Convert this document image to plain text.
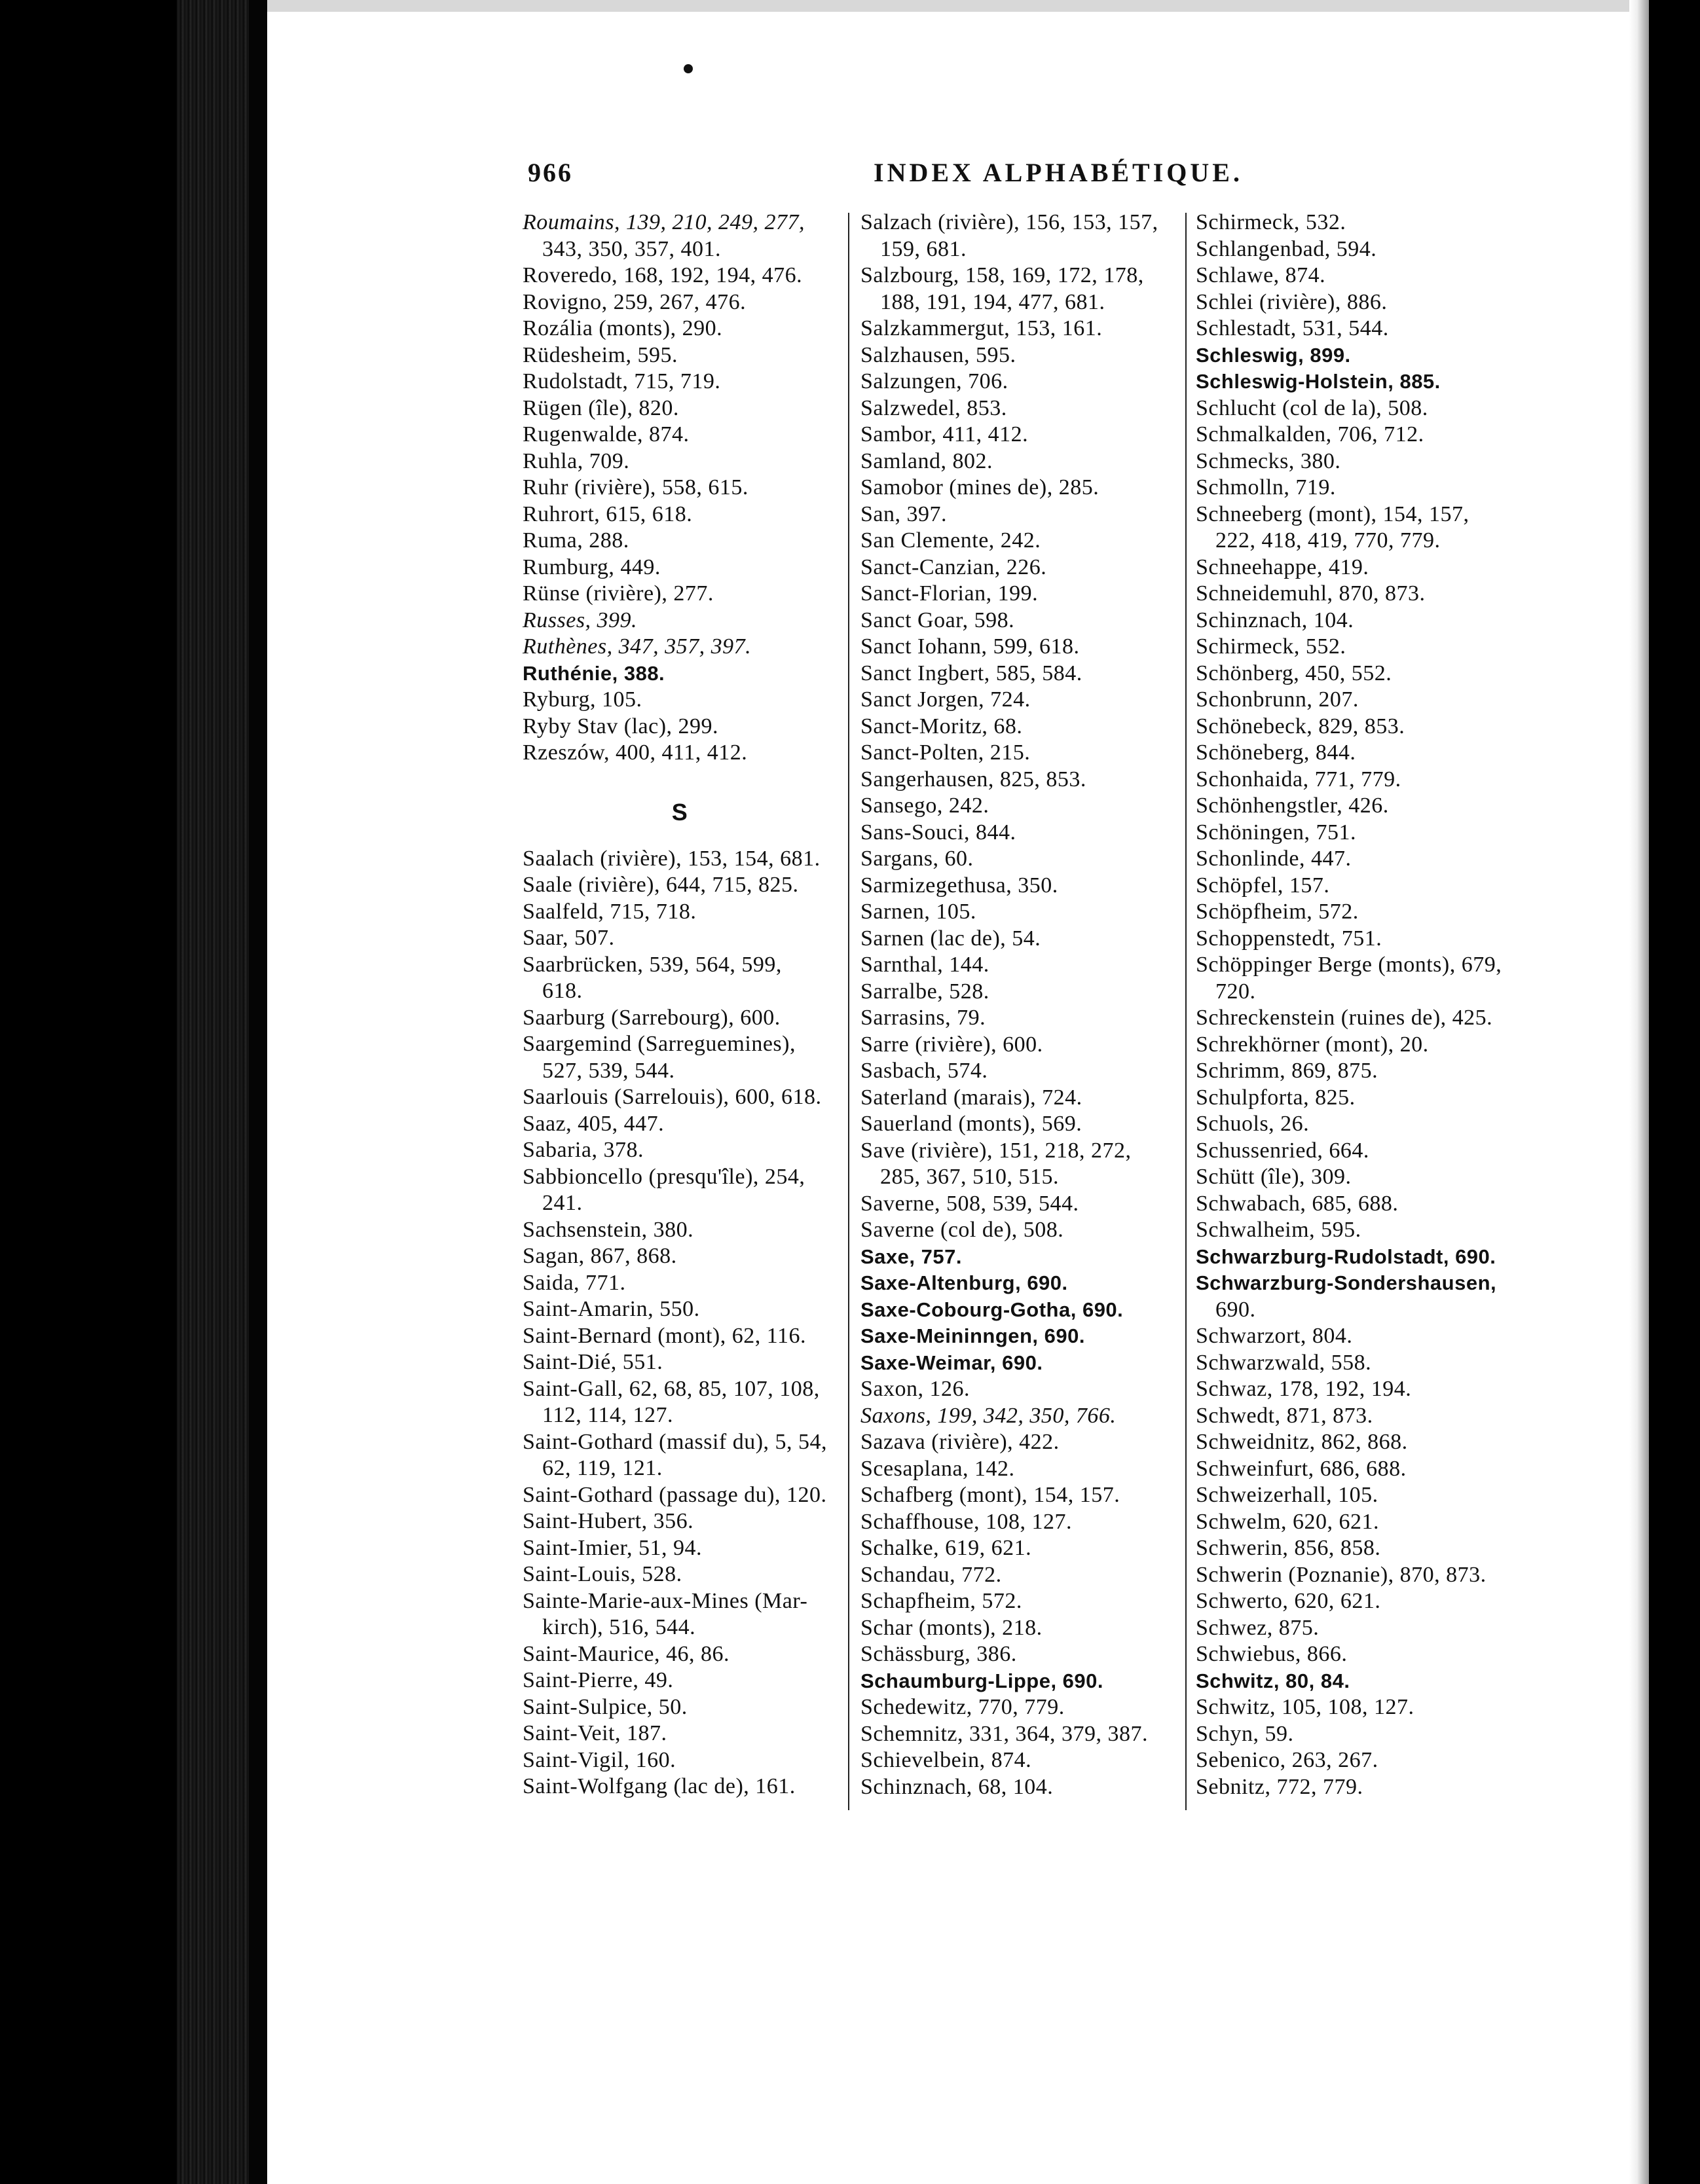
966	INDEX ALPHABÉTIQUE.
Roumains, 139, 210, 249, 277,
343, 350, 357, 401.
Roveredo, 168, 192, 194, 476.
Rovigno, 259, 267, 476.
Rozália (monts), 290.
Rüdesheim, 595.
Rudolstadt, 715, 719.
Rügen (île), 820.
Rugenwalde, 874.
Ruhla, 709.
Ruhr (rivière), 558, 615.
Ruhrort, 615, 618.
Ruma, 288.
Rumburg, 449.
Rünse (rivière), 277.
Russes, 399.
Ruthènes, 347, 357, 397.
Ruthénie, 388.
Ryburg, 105.
Ryby Stav (lac), 299.
Rzeszów, 400, 411, 412.
S
Saalach (rivière), 153, 154, 681.
Saale (rivière), 644, 715, 825.
Saalfeld, 715, 718.
Saar, 507.
Saarbrücken, 539, 564, 599,
618.
Saarburg (Sarrebourg), 600.
Saargemind (Sarreguemines),
527, 539, 544.
Saarlouis (Sarrelouis), 600, 618.
Saaz, 405, 447.
Sabaria, 378.
Sabbioncello (presqu'île), 254,
241.
Sachsenstein, 380.
Sagan, 867, 868.
Saida, 771.
Saint-Amarin, 550.
Saint-Bernard (mont), 62, 116.
Saint-Dié, 551.
Saint-Gall, 62, 68, 85, 107, 108,
112, 114, 127.
Saint-Gothard (massif du), 5, 54,
62, 119, 121.
Saint-Gothard (passage du), 120.
Saint-Hubert, 356.
Saint-Imier, 51, 94.
Saint-Louis, 528.
Sainte-Marie-aux-Mines (Mar-
kirch), 516, 544.
Saint-Maurice, 46, 86.
Saint-Pierre, 49.
Saint-Sulpice, 50.
Saint-Veit, 187.
Saint-Vigil, 160.
Saint-Wolfgang (lac de), 161.
Salzach (rivière), 156, 153, 157,
159, 681.
Salzbourg, 158, 169, 172, 178,
188, 191, 194, 477, 681.
Salzkammergut, 153, 161.
Salzhausen, 595.
Salzungen, 706.
Salzwedel, 853.
Sambor, 411, 412.
Samland, 802.
Samobor (mines de), 285.
San, 397.
San Clemente, 242.
Sanct-Canzian, 226.
Sanct-Florian, 199.
Sanct Goar, 598.
Sanct Iohann, 599, 618.
Sanct Ingbert, 585, 584.
Sanct Jorgen, 724.
Sanct-Moritz, 68.
Sanct-Polten, 215.
Sangerhausen, 825, 853.
Sansego, 242.
Sans-Souci, 844.
Sargans, 60.
Sarmizegethusa, 350.
Sarnen, 105.
Sarnen (lac de), 54.
Sarnthal, 144.
Sarralbe, 528.
Sarrasins, 79.
Sarre (rivière), 600.
Sasbach, 574.
Saterland (marais), 724.
Sauerland (monts), 569.
Save (rivière), 151, 218, 272,
285, 367, 510, 515.
Saverne, 508, 539, 544.
Saverne (col de), 508.
Saxe, 757.
Saxe-Altenburg, 690.
Saxe-Cobourg-Gotha, 690.
Saxe-Meininngen, 690.
Saxe-Weimar, 690.
Saxon, 126.
Saxons, 199, 342, 350, 766.
Sazava (rivière), 422.
Scesaplana, 142.
Schafberg (mont), 154, 157.
Schaffhouse, 108, 127.
Schalke, 619, 621.
Schandau, 772.
Schapfheim, 572.
Schar (monts), 218.
Schässburg, 386.
Schaumburg-Lippe, 690.
Schedewitz, 770, 779.
Schemnitz, 331, 364, 379, 387.
Schievelbein, 874.
Schinznach, 68, 104.
Schirmeck, 532.
Schlangenbad, 594.
Schlawe, 874.
Schlei (rivière), 886.
Schlestadt, 531, 544.
Schleswig, 899.
Schleswig-Holstein, 885.
Schlucht (col de la), 508.
Schmalkalden, 706, 712.
Schmecks, 380.
Schmolln, 719.
Schneeberg (mont), 154, 157,
222, 418, 419, 770, 779.
Schneehappe, 419.
Schneidemuhl, 870, 873.
Schinznach, 104.
Schirmeck, 552.
Schönberg, 450, 552.
Schonbrunn, 207.
Schönebeck, 829, 853.
Schöneberg, 844.
Schonhaida, 771, 779.
Schönhengstler, 426.
Schöningen, 751.
Schonlinde, 447.
Schöpfel, 157.
Schöpfheim, 572.
Schoppenstedt, 751.
Schöppinger Berge (monts), 679,
720.
Schreckenstein (ruines de), 425.
Schrekhörner (mont), 20.
Schrimm, 869, 875.
Schulpforta, 825.
Schuols, 26.
Schussenried, 664.
Schütt (île), 309.
Schwabach, 685, 688.
Schwalheim, 595.
Schwarzburg-Rudolstadt, 690.
Schwarzburg-Sondershausen,
690.
Schwarzort, 804.
Schwarzwald, 558.
Schwaz, 178, 192, 194.
Schwedt, 871, 873.
Schweidnitz, 862, 868.
Schweinfurt, 686, 688.
Schweizerhall, 105.
Schwelm, 620, 621.
Schwerin, 856, 858.
Schwerin (Poznanie), 870, 873.
Schwerto, 620, 621.
Schwez, 875.
Schwiebus, 866.
Schwitz, 80, 84.
Schwitz, 105, 108, 127.
Schyn, 59.
Sebenico, 263, 267.
Sebnitz, 772, 779.
